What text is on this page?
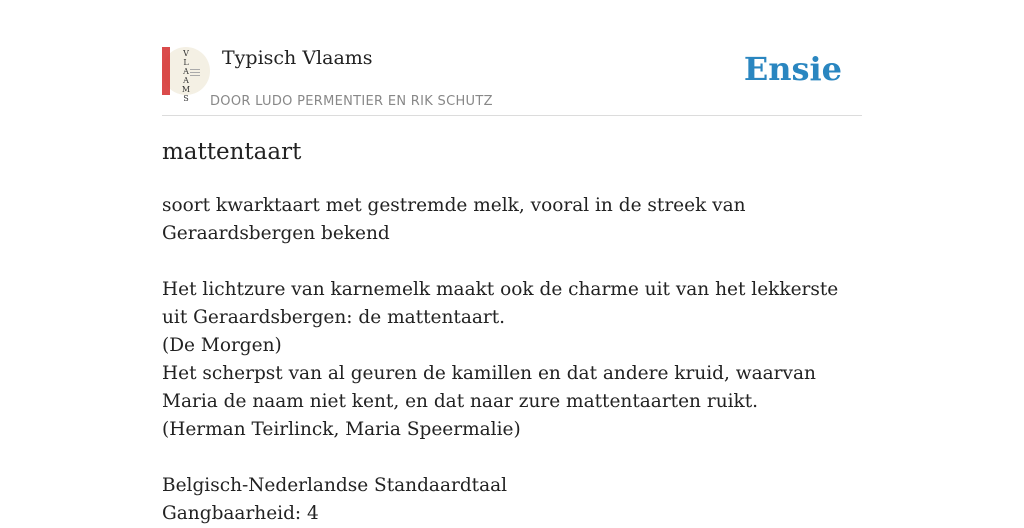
V
L
A
A
M
S
Typisch Vlaams
DOOR LUDO PERMENTIER EN RIK SCHUTZ
Ensie
mattentaart

soort kwarktaart met gestremde melk, vooral in de streek van Geraardsbergen bekend

Het lichtzure van karnemelk maakt ook de charme uit van het lekkerste uit Geraardsbergen: de mattentaart.

(De Morgen)

Het scherpst van al geuren de kamillen en dat andere kruid, waarvan Maria de naam niet kent, en dat naar zure mattentaarten ruikt.

(Herman Teirlinck, Maria Speermalie)

Belgisch-Nederlandse Standaardtaal

Gangbaarheid: 4
